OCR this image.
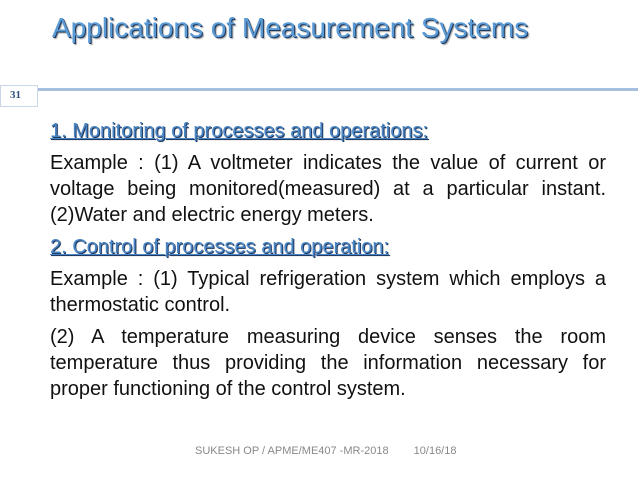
Applications of Measurement Systems
31
1. Monitoring of processes and operations:
Example : (1) A voltmeter indicates the value of current or voltage being monitored(measured) at a particular instant. (2)Water and electric energy meters.
2. Control of processes and operation:
Example : (1) Typical refrigeration system which employs a thermostatic control.
(2) A temperature measuring device senses the room temperature thus providing the information necessary for proper functioning of the control system.
SUKESH OP / APME/ME407 -MR-2018 10/16/18
